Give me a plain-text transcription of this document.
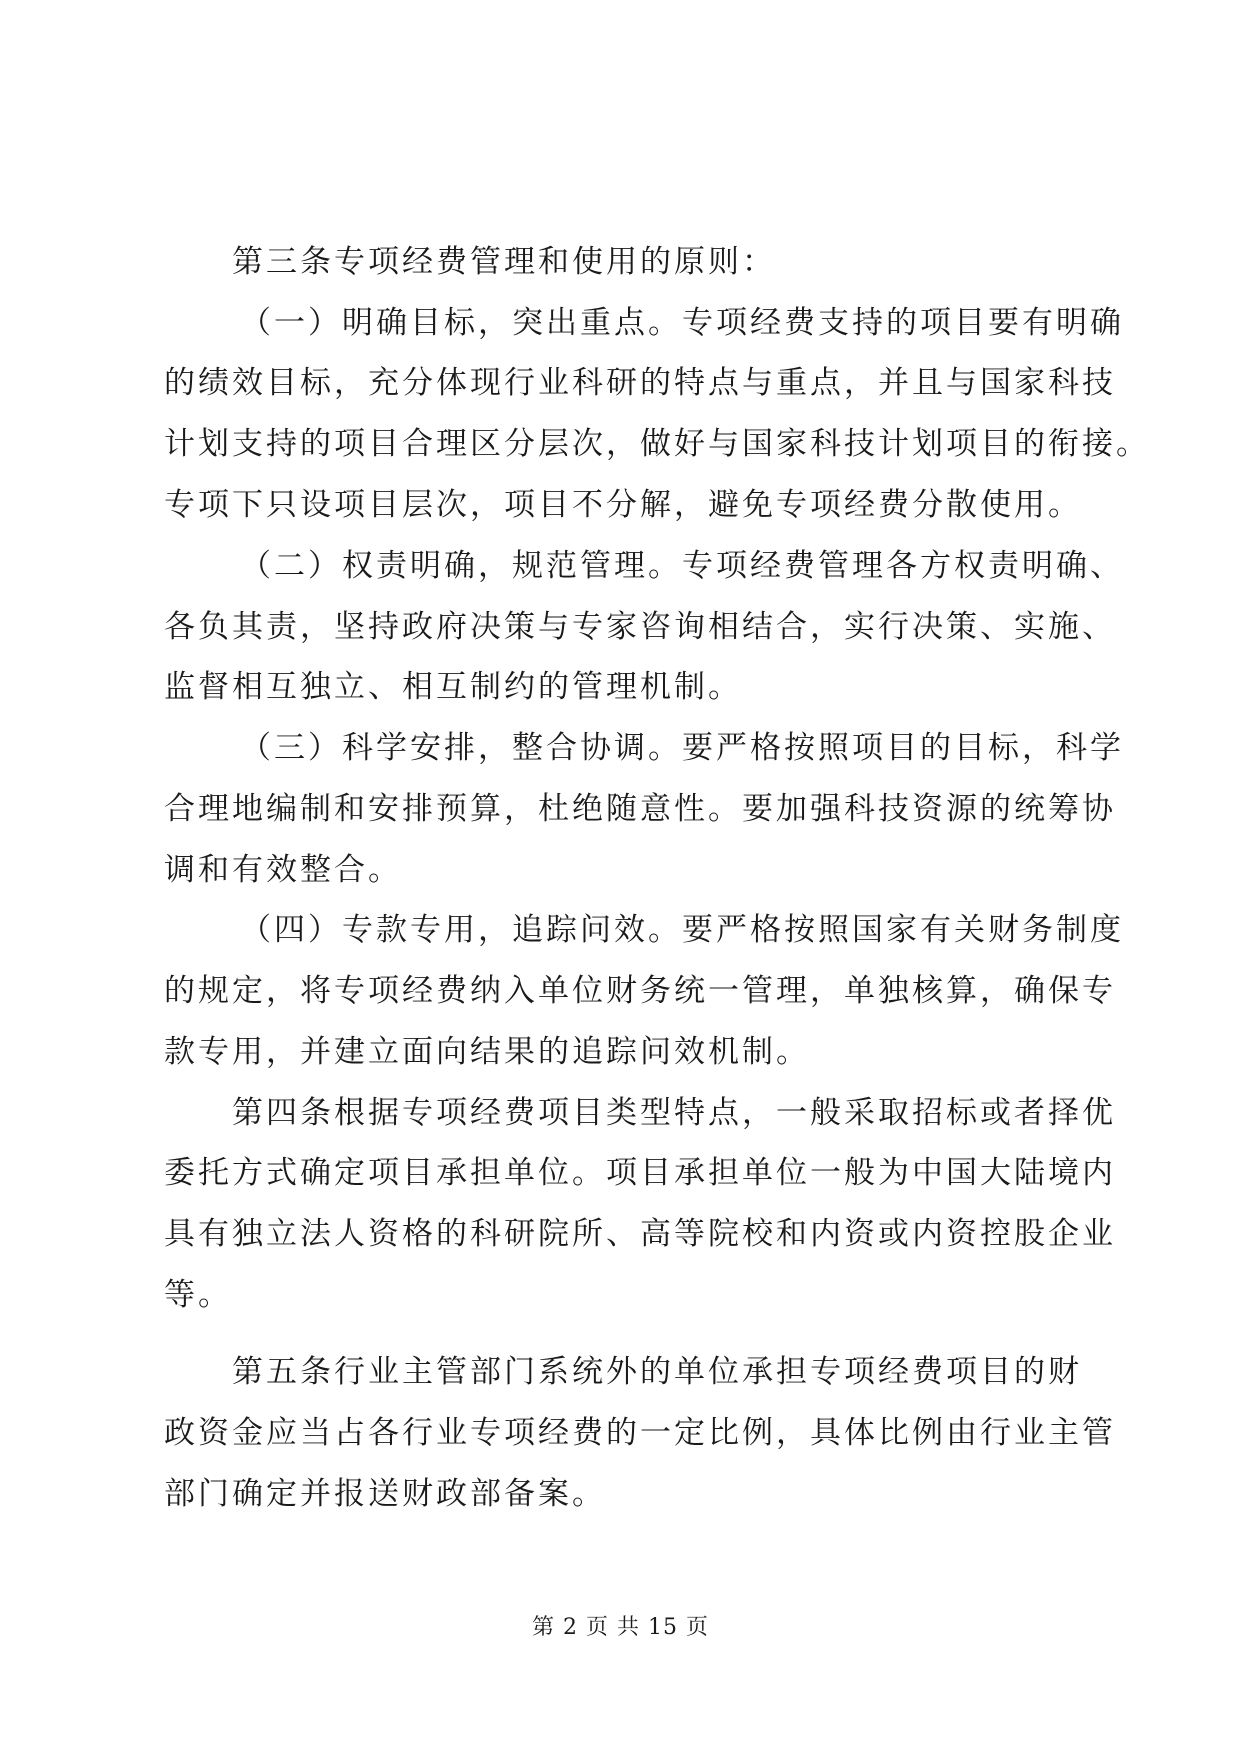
第三条专项经费管理和使用的原则：
（一）明确目标，突出重点。专项经费支持的项目要有明确
的绩效目标，充分体现行业科研的特点与重点，并且与国家科技
计划支持的项目合理区分层次，做好与国家科技计划项目的衔接。
专项下只设项目层次，项目不分解，避免专项经费分散使用。
（二）权责明确，规范管理。专项经费管理各方权责明确、
各负其责，坚持政府决策与专家咨询相结合，实行决策、实施、
监督相互独立、相互制约的管理机制。
（三）科学安排，整合协调。要严格按照项目的目标，科学
合理地编制和安排预算，杜绝随意性。要加强科技资源的统筹协
调和有效整合。
（四）专款专用，追踪问效。要严格按照国家有关财务制度
的规定，将专项经费纳入单位财务统一管理，单独核算，确保专
款专用，并建立面向结果的追踪问效机制。
第四条根据专项经费项目类型特点，一般采取招标或者择优
委托方式确定项目承担单位。项目承担单位一般为中国大陆境内
具有独立法人资格的科研院所、高等院校和内资或内资控股企业
等。
第五条行业主管部门系统外的单位承担专项经费项目的财
政资金应当占各行业专项经费的一定比例，具体比例由行业主管
部门确定并报送财政部备案。
第 2 页 共 15 页
